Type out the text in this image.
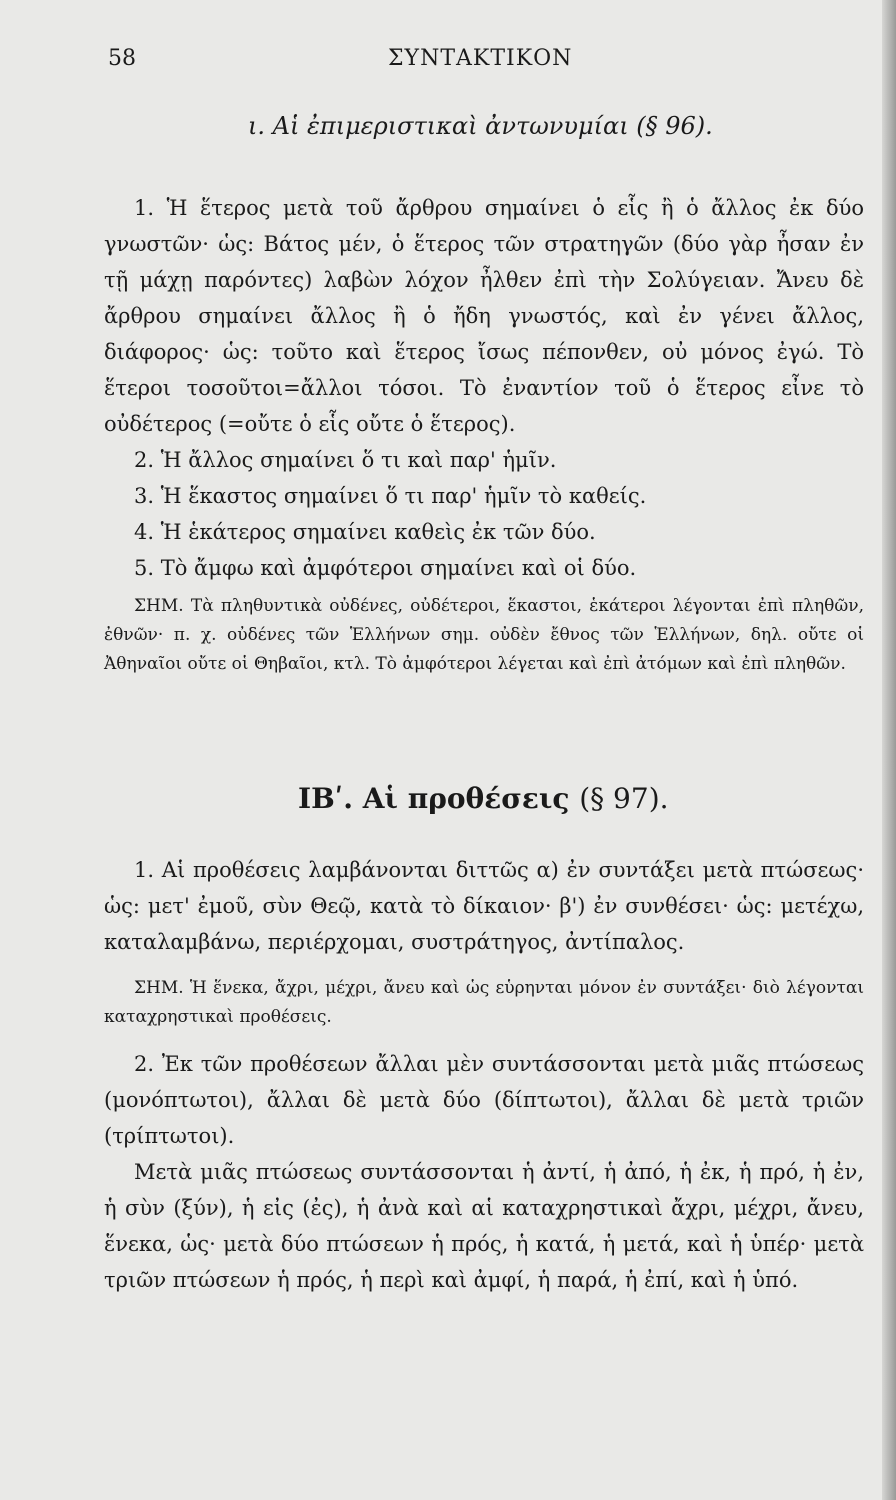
58	ΣΥΝΤΑΚΤΙΚΟΝ
ι. Αἱ ἐπιμεριστικαὶ ἀντωνυμίαι (§ 96).

1. Ἡ ἕτερος μετὰ τοῦ ἄρθρου σημαίνει ὁ εἷς ἢ ὁ ἄλλος ἐκ δύο γνωστῶν· ὡς: Βάτος μέν, ὁ ἕτερος τῶν στρατηγῶν (δύο γὰρ ἦσαν ἐν τῇ μάχῃ παρόντες) λαβὼν λόχον ἦλθεν ἐπὶ τὴν Σολύγειαν. Ἄνευ δὲ ἄρθρου σημαίνει ἄλλος ἢ ὁ ἤδη γνωστός, καὶ ἐν γένει ἄλλος, διάφορος· ὡς: τοῦτο καὶ ἕτερος ἴσως πέπονθεν, οὐ μόνος ἐγώ. Τὸ ἕτεροι τοσοῦτοι=ἄλλοι τόσοι. Τὸ ἐναντίον τοῦ ὁ ἕτερος εἶνε τὸ οὐδέτερος (=οὔτε ὁ εἷς οὔτε ὁ ἕτερος).

2. Ἡ ἄλλος σημαίνει ὅ τι καὶ παρ' ἡμῖν.

3. Ἡ ἕκαστος σημαίνει ὅ τι παρ' ἡμῖν τὸ καθείς.

4. Ἡ ἑκάτερος σημαίνει καθεὶς ἐκ τῶν δύο.

5. Τὸ ἄμφω καὶ ἀμφότεροι σημαίνει καὶ οἱ δύο.

ΣΗΜ. Τὰ πληθυντικὰ οὐδένες, οὐδέτεροι, ἕκαστοι, ἑκάτεροι λέγονται ἐπὶ πληθῶν, ἐθνῶν· π. χ. οὐδένες τῶν Ἑλλήνων σημ. οὐδὲν ἔθνος τῶν Ἑλλήνων, δηλ. οὔτε οἱ Ἀθηναῖοι οὔτε οἱ Θηβαῖοι, κτλ. Τὸ ἀμφότεροι λέγεται καὶ ἐπὶ ἀτόμων καὶ ἐπὶ πληθῶν.

ΙΒʹ. Αἱ προθέσεις (§ 97).

1. Αἱ προθέσεις λαμβάνονται διττῶς α) ἐν συντάξει μετὰ πτώσεως· ὡς: μετ' ἐμοῦ, σὺν Θεῷ, κατὰ τὸ δίκαιον· β') ἐν συνθέσει· ὡς: μετέχω, καταλαμβάνω, περιέρχομαι, συστράτηγος, ἀντίπαλος.

ΣΗΜ. Ἡ ἕνεκα, ἄχρι, μέχρι, ἄνευ καὶ ὡς εὑρηνται μόνον ἐν συντάξει· διὸ λέγονται καταχρηστικαὶ προθέσεις.

2. Ἐκ τῶν προθέσεων ἄλλαι μὲν συντάσσονται μετὰ μιᾶς πτώσεως (μονόπτωτοι), ἄλλαι δὲ μετὰ δύο (δίπτωτοι), ἄλλαι δὲ μετὰ τριῶν (τρίπτωτοι).

Μετὰ μιᾶς πτώσεως συντάσσονται ἡ ἀντί, ἡ ἀπό, ἡ ἐκ, ἡ πρό, ἡ ἐν, ἡ σὺν (ξύν), ἡ εἰς (ἐς), ἡ ἀνὰ καὶ αἱ καταχρηστικαὶ ἄχρι, μέχρι, ἄνευ, ἕνεκα, ὡς· μετὰ δύο πτώσεων ἡ πρός, ἡ κατά, ἡ μετά, καὶ ἡ ὑπέρ· μετὰ τριῶν πτώσεων ἡ πρός, ἡ περὶ καὶ ἀμφί, ἡ παρά, ἡ ἐπί, καὶ ἡ ὑπό.
